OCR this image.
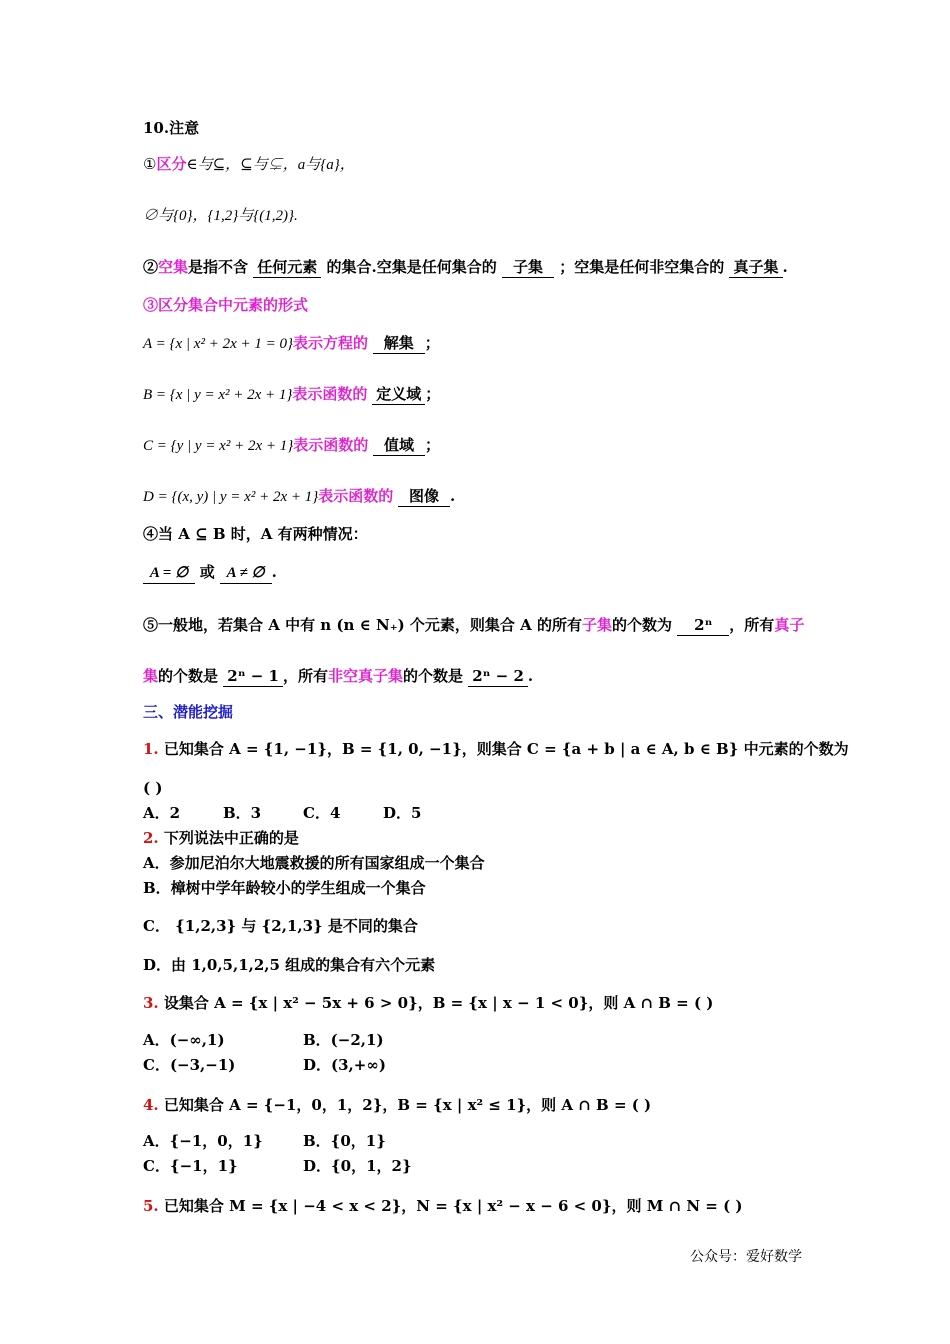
10.注意
①区分∈与⊆，⊆与⊊，a与{a}，
∅与{0}，{1,2}与{(1,2)}.
②空集是指不含 任何元素 的集合.空集是任何集合的 子集 ；空集是任何非空集合的 真子集 .
③区分集合中元素的形式
A = {x | x² + 2x + 1 = 0}表示方程的 解集 ；
B = {x | y = x² + 2x + 1}表示函数的 定义域 ；
C = {y | y = x² + 2x + 1}表示函数的 值域 ；
D = {(x, y) | y = x² + 2x + 1}表示函数的 图像 .
④当 A ⊆ B 时，A 有两种情况：
A = ∅ 或 A ≠ ∅ .
⑤一般地，若集合 A 中有 n (n ∈ N₊) 个元素，则集合 A 的所有子集的个数为 2ⁿ ，所有真子
集的个数是 2ⁿ − 1 ，所有非空真子集的个数是 2ⁿ − 2 .
三、潜能挖掘
1. 已知集合 A = {1, −1}，B = {1, 0, −1}，则集合 C = {a + b | a ∈ A, b ∈ B} 中元素的个数为
( )
A．2	B．3	C．4	D．5
2. 下列说法中正确的是
A．参加尼泊尔大地震救援的所有国家组成一个集合
B．樟树中学年龄较小的学生组成一个集合
C． {1,2,3} 与 {2,1,3} 是不同的集合
D．由 1,0,5,1,2,5 组成的集合有六个元素
3. 设集合 A = {x | x² − 5x + 6 > 0}，B = {x | x − 1 < 0}，则 A ∩ B = ( )
A．(−∞,1)	B．(−2,1)
C．(−3,−1)	D．(3,+∞)
4. 已知集合 A = {−1，0，1，2}，B = {x | x² ≤ 1}，则 A ∩ B = ( )
A．{−1，0，1}	B．{0，1}
C．{−1，1}	D．{0，1，2}
5. 已知集合 M = {x | −4 < x < 2}，N = {x | x² − x − 6 < 0}，则 M ∩ N = ( )
公众号：爱好数学
